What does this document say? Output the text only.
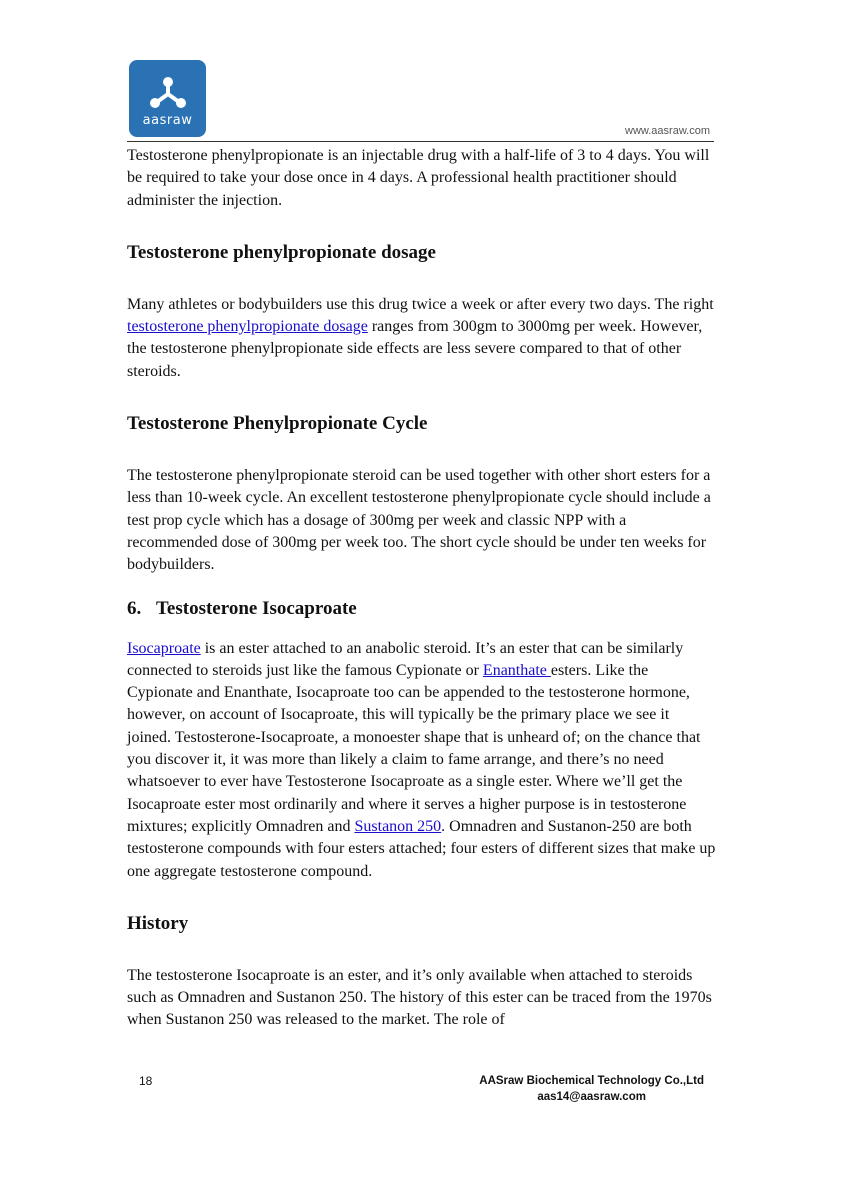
aasraw
www.aasraw.com

Testosterone phenylpropionate is an injectable drug with a half-life of 3 to 4 days. You will be required to take your dose once in 4 days. A professional health practitioner should administer the injection.

Testosterone phenylpropionate dosage

Many athletes or bodybuilders use this drug twice a week or after every two days. The right testosterone phenylpropionate dosage ranges from 300gm to 3000mg per week. However, the testosterone phenylpropionate side effects are less severe compared to that of other steroids.

Testosterone Phenylpropionate Cycle

The testosterone phenylpropionate steroid can be used together with other short esters for a less than 10-week cycle. An excellent testosterone phenylpropionate cycle should include a test prop cycle which has a dosage of 300mg per week and classic NPP with a recommended dose of 300mg per week too. The short cycle should be under ten weeks for bodybuilders.

6. Testosterone Isocaproate

Isocaproate is an ester attached to an anabolic steroid. It’s an ester that can be similarly connected to steroids just like the famous Cypionate or Enanthate esters. Like the Cypionate and Enanthate, Isocaproate too can be appended to the testosterone hormone, however, on account of Isocaproate, this will typically be the primary place we see it joined. Testosterone-Isocaproate, a monoester shape that is unheard of; on the chance that you discover it, it was more than likely a claim to fame arrange, and there’s no need whatsoever to ever have Testosterone Isocaproate as a single ester. Where we’ll get the Isocaproate ester most ordinarily and where it serves a higher purpose is in testosterone mixtures; explicitly Omnadren and Sustanon 250. Omnadren and Sustanon-250 are both testosterone compounds with four esters attached; four esters of different sizes that make up one aggregate testosterone compound.

History

The testosterone Isocaproate is an ester, and it’s only available when attached to steroids such as Omnadren and Sustanon 250. The history of this ester can be traced from the 1970s when Sustanon 250 was released to the market. The role of

18	AASraw Biochemical Technology Co.,Ltd
aas14@aasraw.com
